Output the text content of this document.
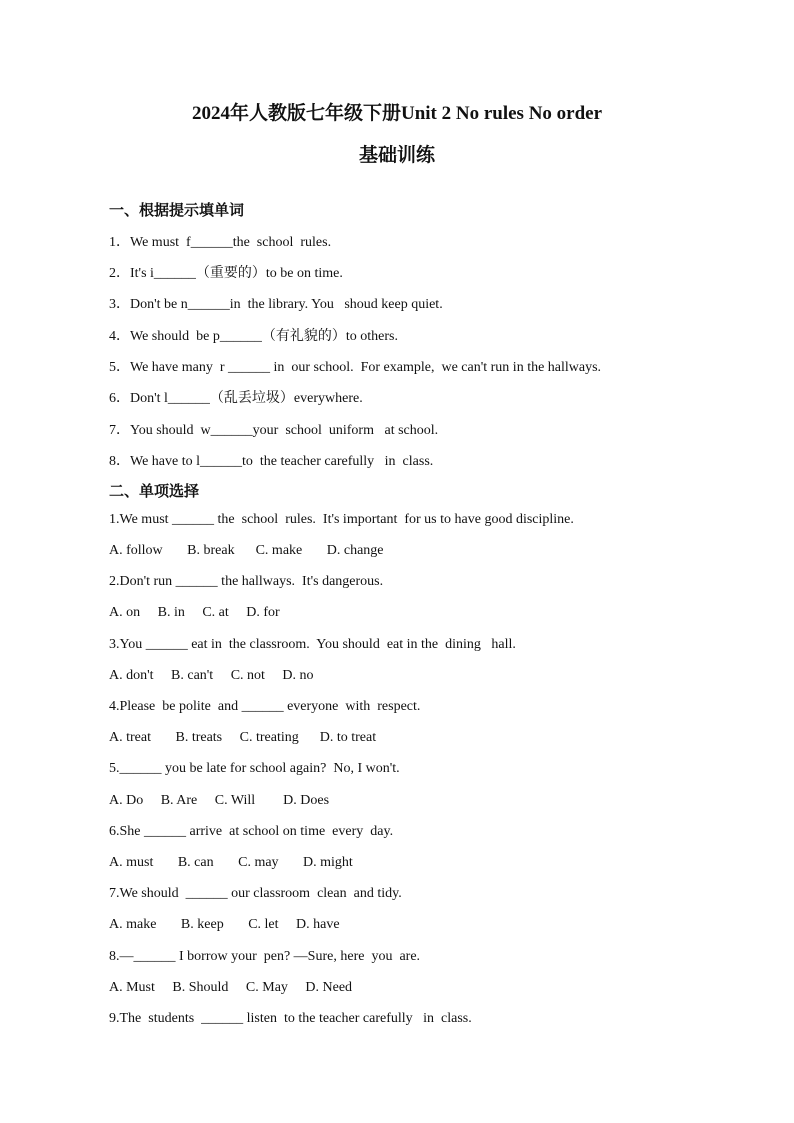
2024年人教版七年级下册Unit 2 No rules No order
基础训练
一、根据提示填单词
1．We must  f______the  school  rules.
2．It's i______（重要的）to be on time.
3．Don't be n______in  the library. You   shoud keep quiet.
4．We should  be p______（有礼貌的）to others.
5．We have many  r ______ in  our school.  For example,  we can't run in the hallways.
6．Don't l______（乱丢垃圾）everywhere.
7．You should  w______your  school  uniform   at school.
8．We have to l______to  the teacher carefully   in  class.
二、单项选择
1.We must ______ the  school  rules.  It's important  for us to have good discipline.
A. follow       B. break      C. make       D. change
2.Don't run ______ the hallways.  It's dangerous.
A. on     B. in     C. at     D. for
3.You ______ eat in  the classroom.  You should  eat in the  dining   hall.
A. don't     B. can't     C. not     D. no
4.Please  be polite  and ______ everyone  with  respect.
A. treat       B. treats     C. treating      D. to treat
5.______ you be late for school again?  No, I won't.
A. Do     B. Are     C. Will        D. Does
6.She ______ arrive  at school on time  every  day.
A. must       B. can       C. may       D. might
7.We should  ______ our classroom  clean  and tidy.
A. make       B. keep       C. let     D. have
8.—______ I borrow your  pen? —Sure, here  you  are.
A. Must     B. Should     C. May     D. Need
9.The  students  ______ listen  to the teacher carefully   in  class.
